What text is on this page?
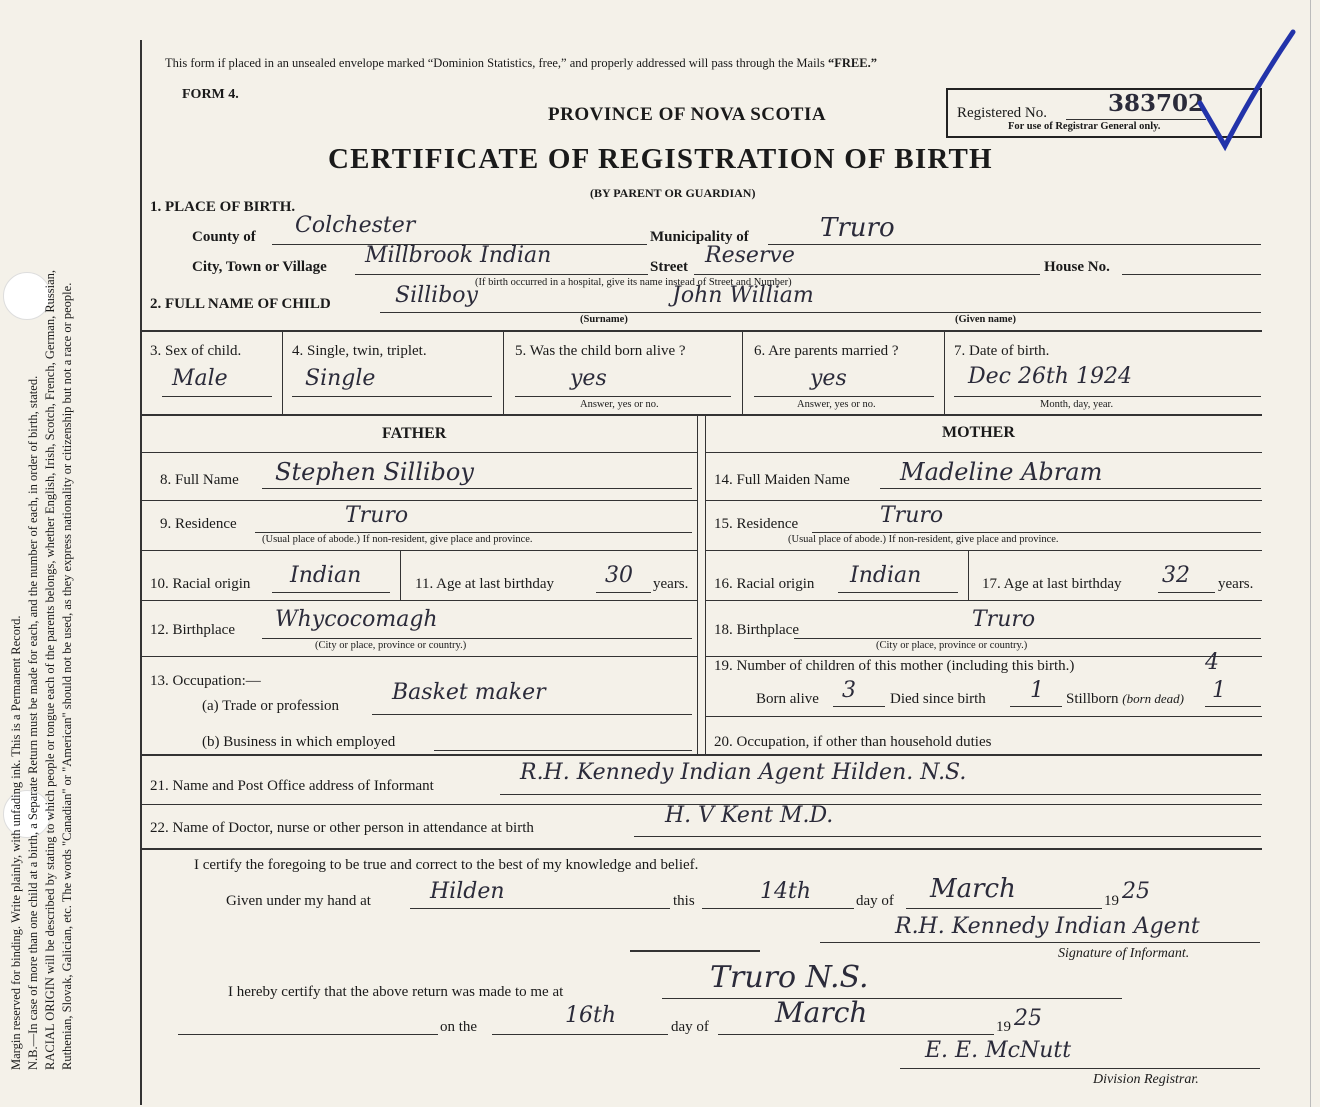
Margin reserved for binding. Write plainly, with unfading ink. This is a Permanent Record. N.B.—In case of more than one child at a birth, a Separate Return must be made for each, and the number of each, in order of birth, stated. RACIAL ORIGIN will be described by stating to which people or tongue each of the parents belongs, whether English, Irish, Scotch, French, German, Russian, Ruthenian, Slovak, Galician, etc. The words "Canadian" or "American" should not be used, as they express nationality or citizenship but not a race or people.
This form if placed in an unsealed envelope marked “Dominion Statistics, free,” and properly addressed will pass through the Mails “FREE.”
FORM 4.
PROVINCE OF NOVA SCOTIA
CERTIFICATE OF REGISTRATION OF BIRTH
(BY PARENT OR GUARDIAN)
Registered No.	383702
For use of Registrar General only.
1. PLACE OF BIRTH.
County of Colchester	Municipality of	Truro
City, Town or Village Millbrook Indian	Street Reserve	House No.
(If birth occurred in a hospital, give its name instead of Street and Number)
2. FULL NAME OF CHILD	Silliboy	John William
(Surname)	(Given name)
3. Sex of child.
Male
4. Single, twin, triplet.
Single
5. Was the child born alive ?
yes
Answer, yes or no.
6. Are parents married ?
yes
Answer, yes or no.
7. Date of birth.
Dec 26th 1924
Month, day, year.
FATHER	MOTHER
8. Full Name Stephen Silliboy
9. Residence	Truro
(Usual place of abode.) If non-resident, give place and province.
10. Racial origin Indian	11. Age at last birthday 30 years.
12. Birthplace Whycocomagh
(City or place, province or country.)
13. Occupation:—
(a) Trade or profession
Basket maker
(b) Business in which employed
14. Full Maiden Name Madeline Abram
15. Residence	Truro
(Usual place of abode.) If non-resident, give place and province.
16. Racial origin Indian	17. Age at last birthday 32 years.
18. Birthplace	Truro
(City or place, province or country.)
19. Number of children of this mother (including this birth.)	4
Born alive 3 Died since birth 1 Stillborn (born dead) 1
20. Occupation, if other than household duties
21. Name and Post Office address of Informant
R.H. Kennedy Indian Agent Hilden. N.S.
22. Name of Doctor, nurse or other person in attendance at birth	H. V Kent M.D.
I certify the foregoing to be true and correct to the best of my knowledge and belief.
Given under my hand at	Hilden	this	14th	day of March	19 25
R.H. Kennedy Indian Agent
Signature of Informant.
I hereby certify that the above return was made to me at	Truro N.S.
on the	16th	day of March	19 25
E. E. McNutt
Division Registrar.
